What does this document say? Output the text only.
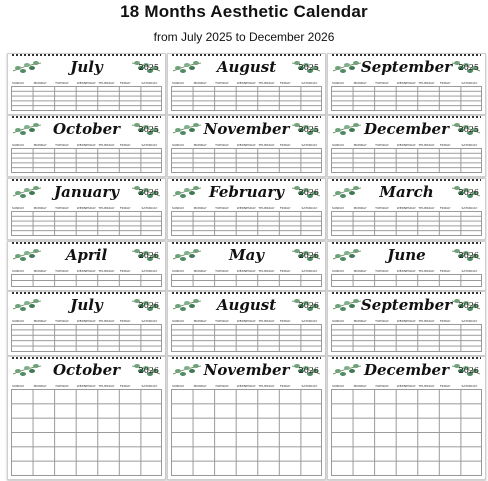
18 Months Aesthetic Calendar
from July 2025 to December 2026
July	2025
SUNDAY	MONDAY	TUESDAY	WEDNESDAY THURSDAY	FRIDAY	SATURDAY
August	2025
SUNDAY	MONDAY	TUESDAY	WEDNESDAY THURSDAY	FRIDAY	SATURDAY
September 2025
SUNDAY	MONDAY	TUESDAY	WEDNESDAY THURSDAY	FRIDAY	SATURDAY
October	2025
SUNDAY	MONDAY	TUESDAY	WEDNESDAY THURSDAY	FRIDAY	SATURDAY
November	2025
SUNDAY	MONDAY	TUESDAY	WEDNESDAY THURSDAY	FRIDAY	SATURDAY
December	2025
SUNDAY	MONDAY	TUESDAY	WEDNESDAY THURSDAY	FRIDAY	SATURDAY
January	2026
SUNDAY	MONDAY	TUESDAY	WEDNESDAY THURSDAY	FRIDAY	SATURDAY
February	2026
SUNDAY	MONDAY	TUESDAY	WEDNESDAY THURSDAY	FRIDAY	SATURDAY
March	2026
SUNDAY	MONDAY	TUESDAY	WEDNESDAY THURSDAY	FRIDAY	SATURDAY
April	2026
SUNDAY	MONDAY	TUESDAY	WEDNESDAY THURSDAY	FRIDAY	SATURDAY
May	2026
SUNDAY	MONDAY	TUESDAY	WEDNESDAY THURSDAY	FRIDAY	SATURDAY
June	2026
SUNDAY	MONDAY	TUESDAY	WEDNESDAY THURSDAY	FRIDAY	SATURDAY
July	2026
SUNDAY	MONDAY	TUESDAY	WEDNESDAY THURSDAY	FRIDAY	SATURDAY
August	2026
SUNDAY	MONDAY	TUESDAY	WEDNESDAY THURSDAY	FRIDAY	SATURDAY
September 2026
SUNDAY	MONDAY	TUESDAY	WEDNESDAY THURSDAY	FRIDAY	SATURDAY
October	2026
SUNDAY	MONDAY	TUESDAY	WEDNESDAY THURSDAY	FRIDAY	SATURDAY
November	2026
SUNDAY	MONDAY	TUESDAY	WEDNESDAY THURSDAY	FRIDAY	SATURDAY
December	2026
SUNDAY	MONDAY	TUESDAY	WEDNESDAY THURSDAY	FRIDAY	SATURDAY
